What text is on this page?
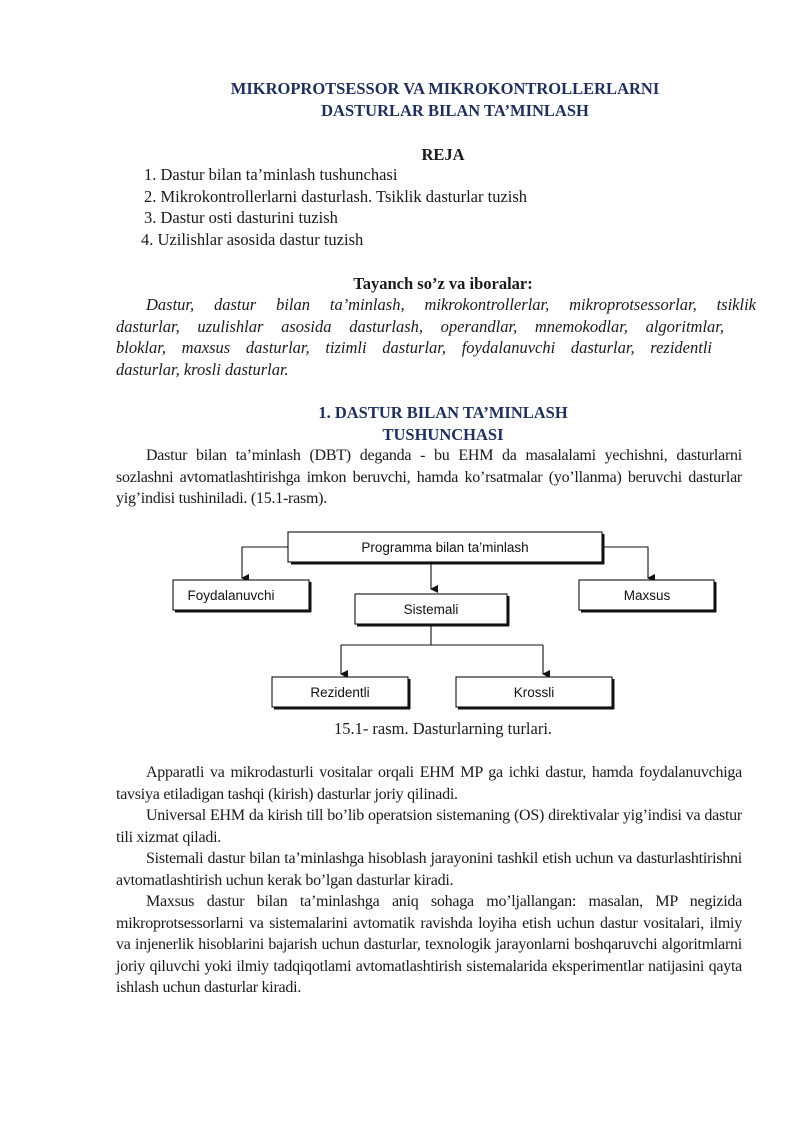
MIKROPROTSESSOR VA MIKROKONTROLLERLARNI
DASTURLAR BILAN TA’MINLASH
REJA
1. Dastur bilan ta’minlash tushunchasi
2. Mikrokontrollerlarni dasturlash. Tsiklik dasturlar tuzish
3. Dastur osti dasturini tuzish
4. Uzilishlar asosida dastur tuzish
Tayanch so’z va iboralar:
Dastur, dastur bilan ta’minlash, mikrokontrollerlar, mikroprotsessorlar, tsiklik
dasturlar, uzulishlar asosida dasturlash, operandlar, mnemokodlar, algoritmlar,
bloklar, maxsus dasturlar, tizimli dasturlar, foydalanuvchi dasturlar, rezidentli
dasturlar, krosli dasturlar.
1. DASTUR BILAN TA’MINLASH
TUSHUNCHASI
Dastur bilan ta’minlash (DBT) deganda - bu EHM da masalalami yechishni, dasturlarni sozlashni avtomatlashtirishga imkon beruvchi, hamda ko’rsatmalar (yo’llanma) beruvchi dasturlar yig’indisi tushiniladi. (15.1-rasm).
Programma bilan ta’minlash
Foydalanuvchi
Sistemali
Maxsus
Rezidentli	Krossli
15.1- rasm. Dasturlarning turlari.
Apparatli va mikrodasturli vositalar orqali EHM MP ga ichki dastur, hamda foydalanuvchiga tavsiya etiladigan tashqi (kirish) dasturlar joriy qilinadi.
Universal EHM da kirish till bo’lib operatsion sistemaning (OS) direktivalar yig’indisi va dastur tili xizmat qiladi.
Sistemali dastur bilan ta’minlashga hisoblash jarayonini tashkil etish uchun va dasturlashtirishni avtomatlashtirish uchun kerak bo’lgan dasturlar kiradi.
Maxsus dastur bilan ta’minlashga aniq sohaga mo’ljallangan: masalan, MP negizida mikroprotsessorlarni va sistemalarini avtomatik ravishda loyiha etish uchun dastur vositalari, ilmiy va injenerlik hisoblarini bajarish uchun dasturlar, texnologik jarayonlarni boshqaruvchi algoritmlarni joriy qiluvchi yoki ilmiy tadqiqotlami avtomatlashtirish sistemalarida eksperimentlar natijasini qayta ishlash uchun dasturlar kiradi.
